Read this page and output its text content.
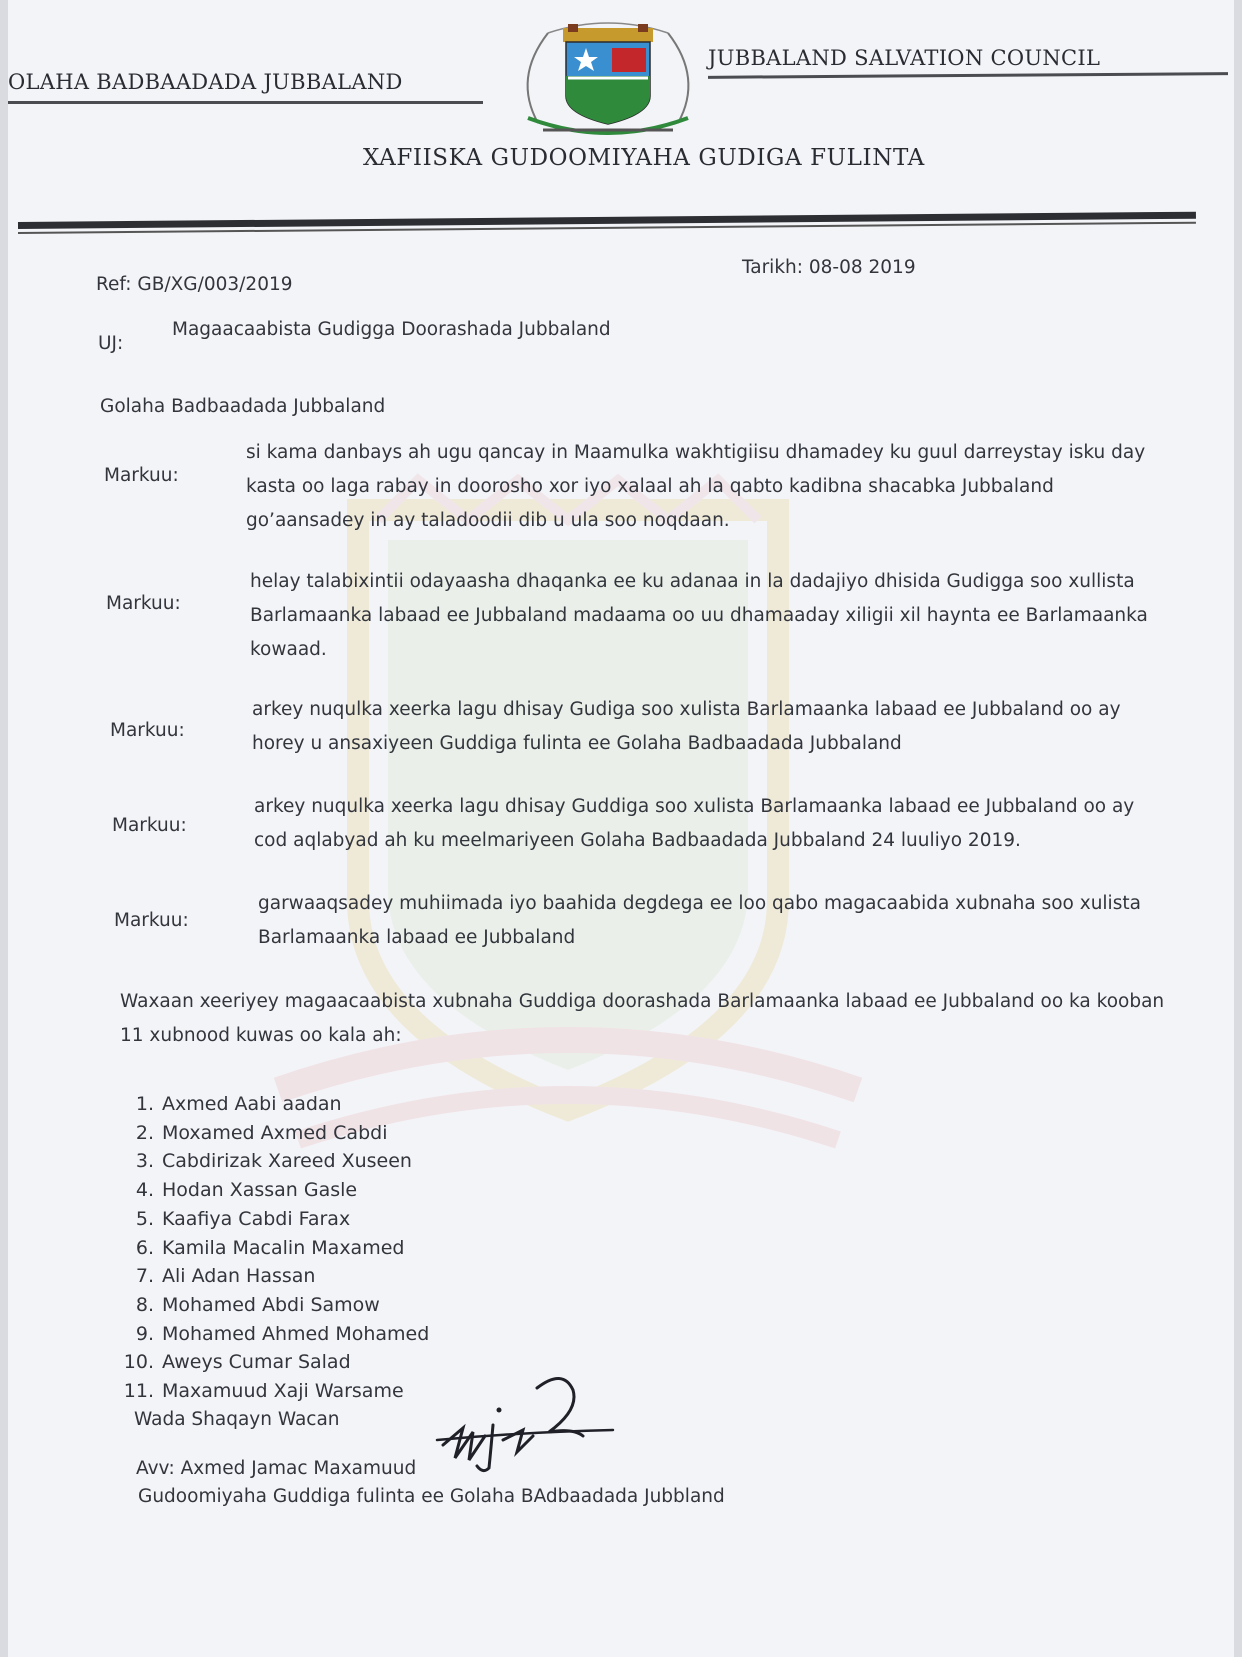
OLAHA BADBAADADA JUBBALAND
JUBBALAND SALVATION COUNCIL
XAFIISKA GUDOOMIYAHA GUDIGA FULINTA
Ref: GB/XG/003/2019
Tarikh: 08-08 2019
UJ:
Magaacaabista Gudigga Doorashada Jubbaland
Golaha Badbaadada Jubbaland
Markuu:
si kama danbays ah ugu qancay in Maamulka wakhtigiisu dhamadey ku guul darreystay isku day kasta oo laga rabay in doorosho xor iyo xalaal ah la qabto kadibna shacabka Jubbaland go’aansadey in ay taladoodii dib u ula soo noqdaan.
Markuu:
helay talabixintii odayaasha dhaqanka ee ku adanaa in la dadajiyo dhisida Gudigga soo xullista Barlamaanka labaad ee Jubbaland madaama oo uu dhamaaday xiligii xil haynta ee Barlamaanka kowaad.
Markuu:
arkey nuqulka xeerka lagu dhisay Gudiga soo xulista Barlamaanka labaad ee Jubbaland oo ay horey u ansaxiyeen Guddiga fulinta ee Golaha Badbaadada Jubbaland
Markuu:
arkey nuqulka xeerka lagu dhisay Guddiga soo xulista Barlamaanka labaad ee Jubbaland oo ay cod aqlabyad ah ku meelmariyeen Golaha Badbaadada Jubbaland 24 luuliyo 2019.
Markuu:
garwaaqsadey muhiimada iyo baahida degdega ee loo qabo magacaabida xubnaha soo xulista Barlamaanka labaad ee Jubbaland
Waxaan xeeriyey magaacaabista xubnaha Guddiga doorashada Barlamaanka labaad ee Jubbaland oo ka kooban 11 xubnood kuwas oo kala ah:
1. Axmed Aabi aadan
2. Moxamed Axmed Cabdi
3. Cabdirizak Xareed Xuseen
4. Hodan Xassan Gasle
5. Kaafiya Cabdi Farax
6. Kamila Macalin Maxamed
7. Ali Adan Hassan
8. Mohamed Abdi Samow
9. Mohamed Ahmed Mohamed
10. Aweys Cumar Salad
11. Maxamuud Xaji Warsame
Wada Shaqayn Wacan
Avv: Axmed Jamac Maxamuud
Gudoomiyaha Guddiga fulinta ee Golaha BAdbaadada Jubbland
